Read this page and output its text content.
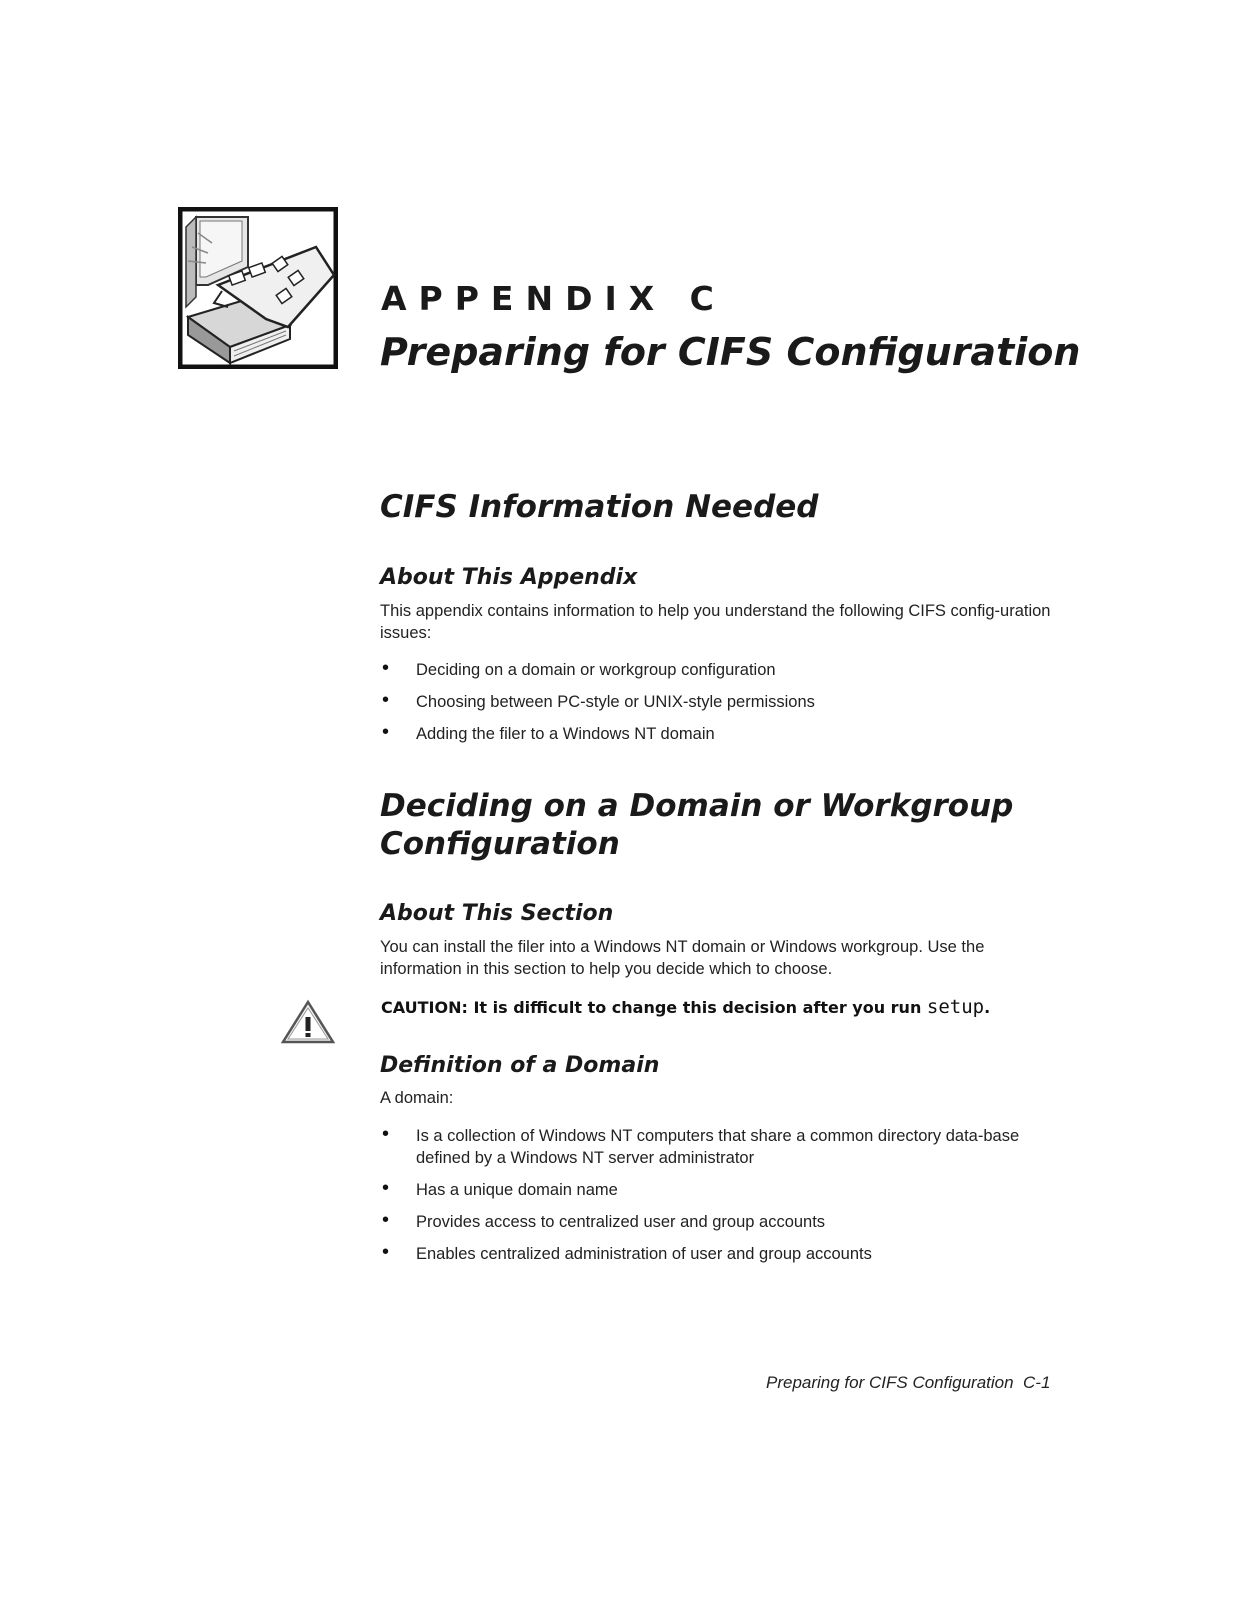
APPENDIX C
Preparing for CIFS Configuration
CIFS Information Needed
About This Appendix
This appendix contains information to help you understand the following CIFS config-uration issues:
• Deciding on a domain or workgroup configuration
• Choosing between PC-style or UNIX-style permissions
• Adding the filer to a Windows NT domain
Deciding on a Domain or Workgroup
Configuration
About This Section
You can install the filer into a Windows NT domain or Windows workgroup. Use the information in this section to help you decide which to choose.
CAUTION: It is difficult to change this decision after you run setup.
Definition of a Domain
A domain:
• Is a collection of Windows NT computers that share a common directory data-base defined by a Windows NT server administrator
• Has a unique domain name
• Provides access to centralized user and group accounts
• Enables centralized administration of user and group accounts
Preparing for CIFS Configuration  C-1
